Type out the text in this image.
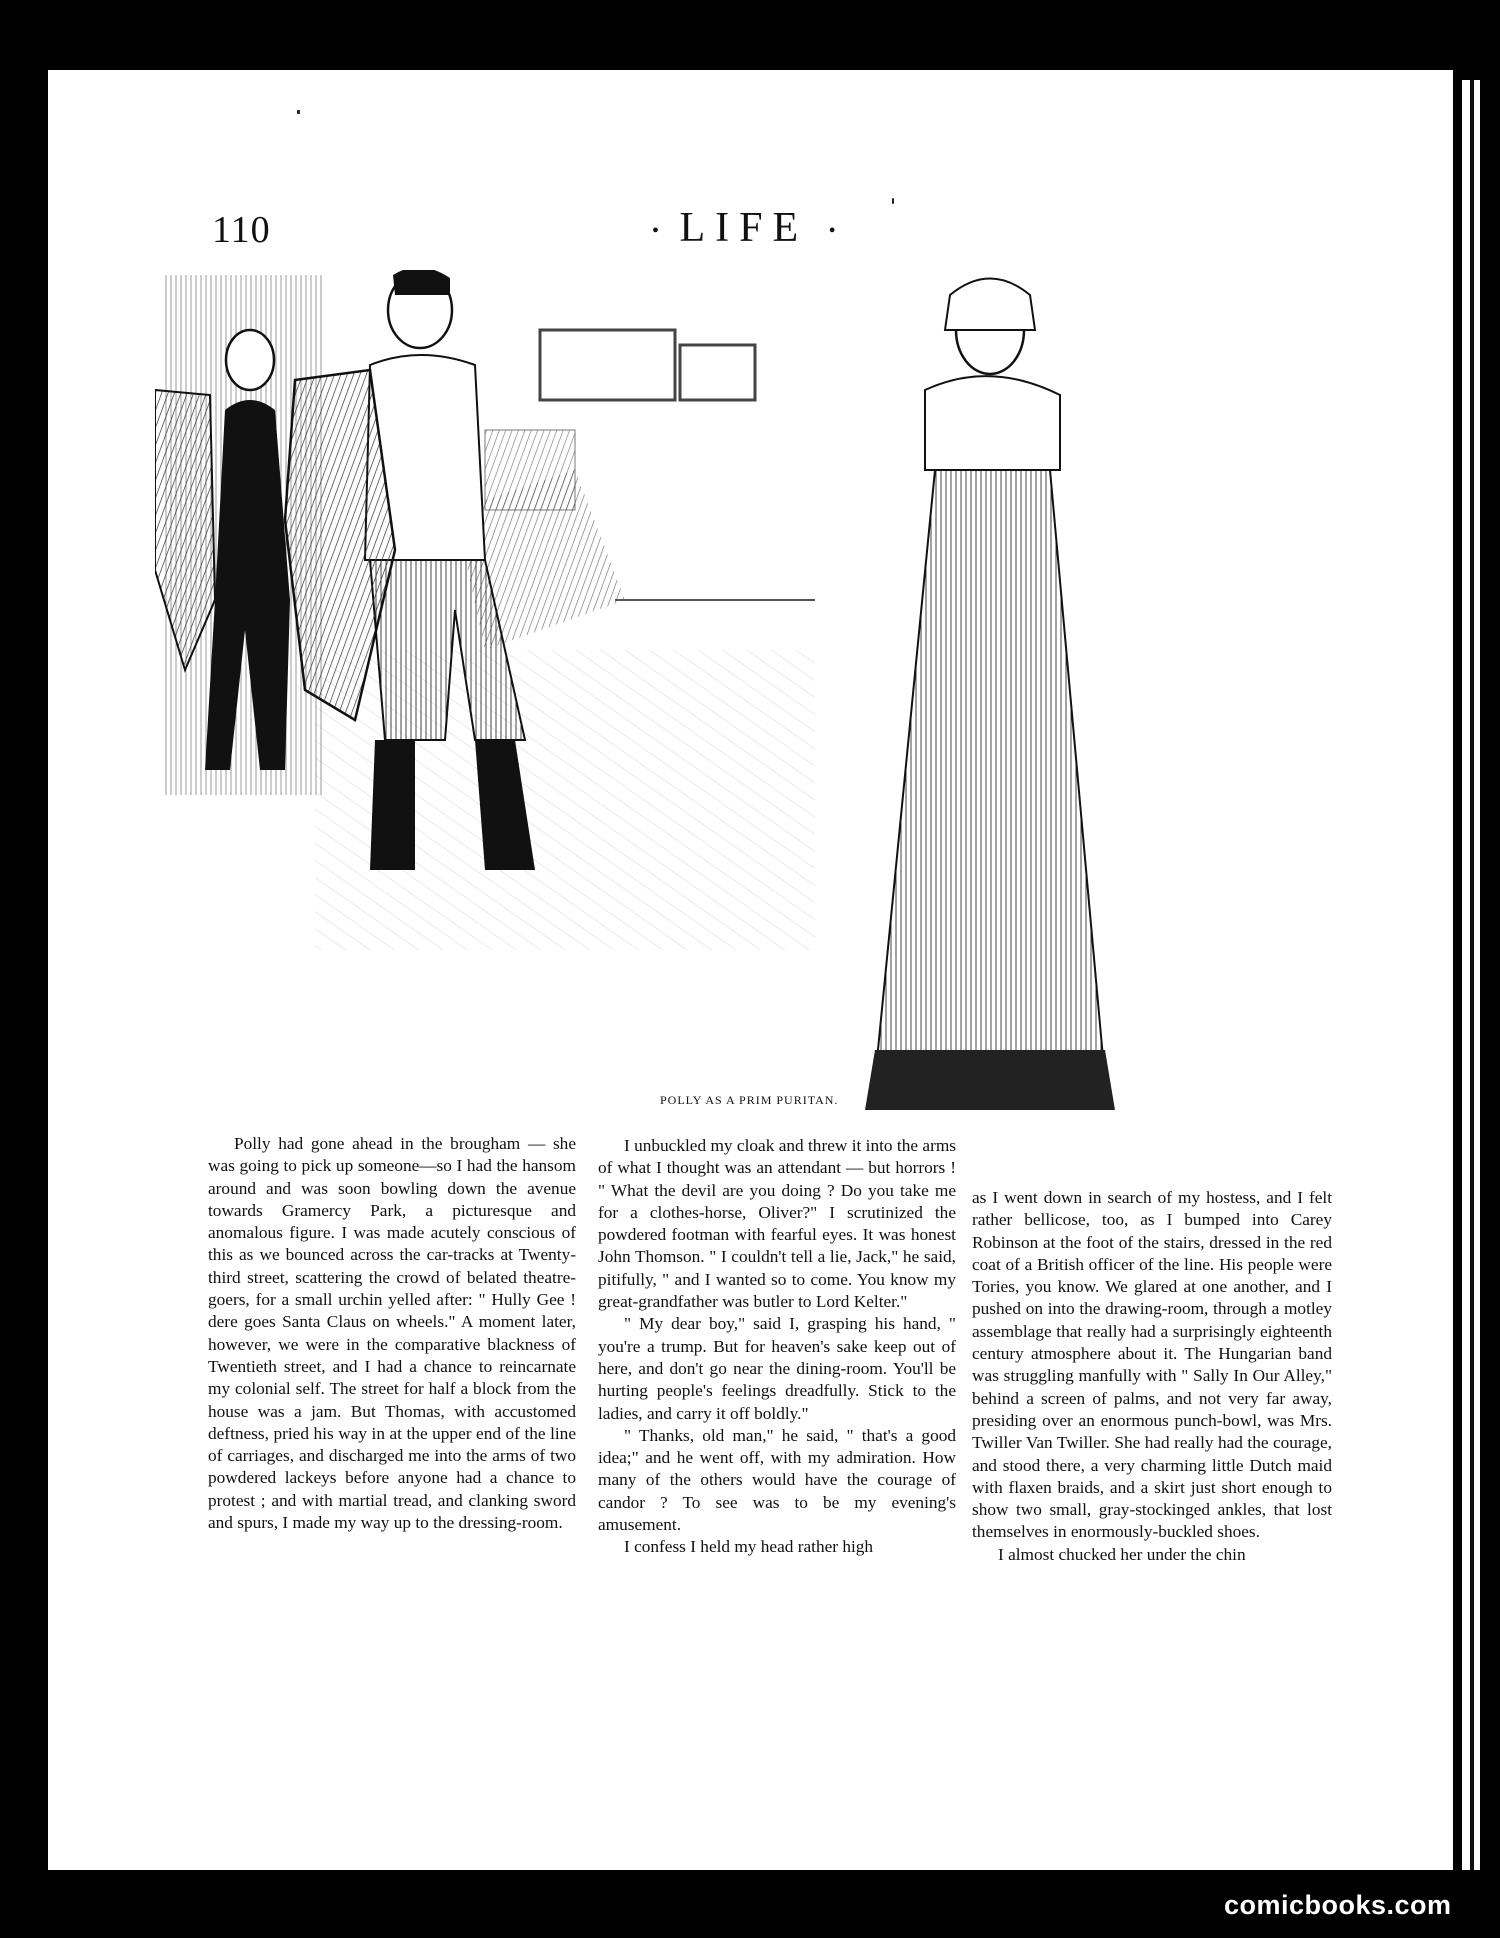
110	• LIFE •
POLLY AS A PRIM PURITAN.

Polly had gone ahead in the brougham — she was going to pick up someone—so I had the hansom around and was soon bowling down the avenue towards Gramercy Park, a picturesque and anomalous figure. I was made acutely conscious of this as we bounced across the car-tracks at Twenty-third street, scattering the crowd of belated theatre-goers, for a small urchin yelled after: " Hully Gee ! dere goes Santa Claus on wheels." A moment later, however, we were in the comparative blackness of Twentieth street, and I had a chance to reincarnate my colonial self. The street for half a block from the house was a jam. But Thomas, with accustomed deftness, pried his way in at the upper end of the line of carriages, and discharged me into the arms of two powdered lackeys before anyone had a chance to protest ; and with martial tread, and clanking sword and spurs, I made my way up to the dressing-room.

I unbuckled my cloak and threw it into the arms of what I thought was an attendant — but horrors ! " What the devil are you doing ? Do you take me for a clothes-horse, Oliver?" I scrutinized the powdered footman with fearful eyes. It was honest John Thomson. " I couldn't tell a lie, Jack," he said, pitifully, " and I wanted so to come. You know my great-grandfather was butler to Lord Kelter."

" My dear boy," said I, grasping his hand, " you're a trump. But for heaven's sake keep out of here, and don't go near the dining-room. You'll be hurting people's feelings dreadfully. Stick to the ladies, and carry it off boldly."

" Thanks, old man," he said, " that's a good idea;" and he went off, with my admiration. How many of the others would have the courage of candor ? To see was to be my evening's amusement.

I confess I held my head rather high

as I went down in search of my hostess, and I felt rather bellicose, too, as I bumped into Carey Robinson at the foot of the stairs, dressed in the red coat of a British officer of the line. His people were Tories, you know. We glared at one another, and I pushed on into the drawing-room, through a motley assemblage that really had a surprisingly eighteenth century atmosphere about it. The Hungarian band was struggling manfully with " Sally In Our Alley," behind a screen of palms, and not very far away, presiding over an enormous punch-bowl, was Mrs. Twiller Van Twiller. She had really had the courage, and stood there, a very charming little Dutch maid with flaxen braids, and a skirt just short enough to show two small, gray-stockinged ankles, that lost themselves in enormously-buckled shoes.

I almost chucked her under the chin

comicbooks.com
